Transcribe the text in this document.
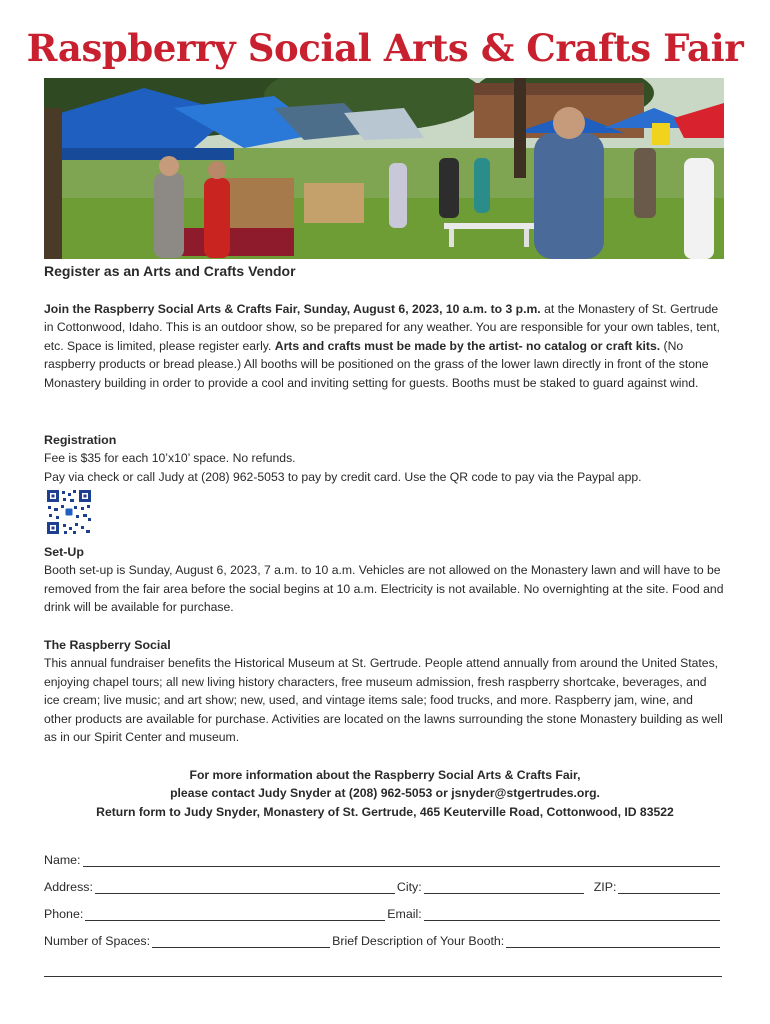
Raspberry Social Arts & Crafts Fair
Register as an Arts and Crafts Vendor
Join the Raspberry Social Arts & Crafts Fair, Sunday, August 6, 2023, 10 a.m. to 3 p.m. at the Monastery of St. Gertrude in Cottonwood, Idaho. This is an outdoor show, so be prepared for any weather. You are responsible for your own tables, tent, etc. Space is limited, please register early. Arts and crafts must be made by the artist- no catalog or craft kits. (No raspberry products or bread please.) All booths will be positioned on the grass of the lower lawn directly in front of the stone Monastery building in order to provide a cool and inviting setting for guests. Booths must be staked to guard against wind.
Registration
Fee is $35 for each 10’x10’ space. No refunds.
Pay via check or call Judy at (208) 962-5053 to pay by credit card. Use the QR code to pay via the Paypal app.
Set-Up
Booth set-up is Sunday, August 6, 2023, 7 a.m. to 10 a.m. Vehicles are not allowed on the Monastery lawn and will have to be removed from the fair area before the social begins at 10 a.m. Electricity is not available. No overnighting at the site. Food and drink will be available for purchase.
The Raspberry Social
This annual fundraiser benefits the Historical Museum at St. Gertrude. People attend annually from around the United States, enjoying chapel tours; all new living history characters, free museum admission, fresh raspberry shortcake, beverages, and ice cream; live music; and art show; new, used, and vintage items sale; food trucks, and more. Raspberry jam, wine, and other products are available for purchase. Activities are located on the lawns surrounding the stone Monastery building as well as in our Spirit Center and museum.
For more information about the Raspberry Social Arts & Crafts Fair,
please contact Judy Snyder at (208) 962-5053 or jsnyder@stgertrudes.org.
Return form to Judy Snyder, Monastery of St. Gertrude, 465 Keuterville Road, Cottonwood, ID 83522
Name:
Address:	City:	ZIP:
Phone:	Email:
Number of Spaces:	Brief Description of Your Booth:
